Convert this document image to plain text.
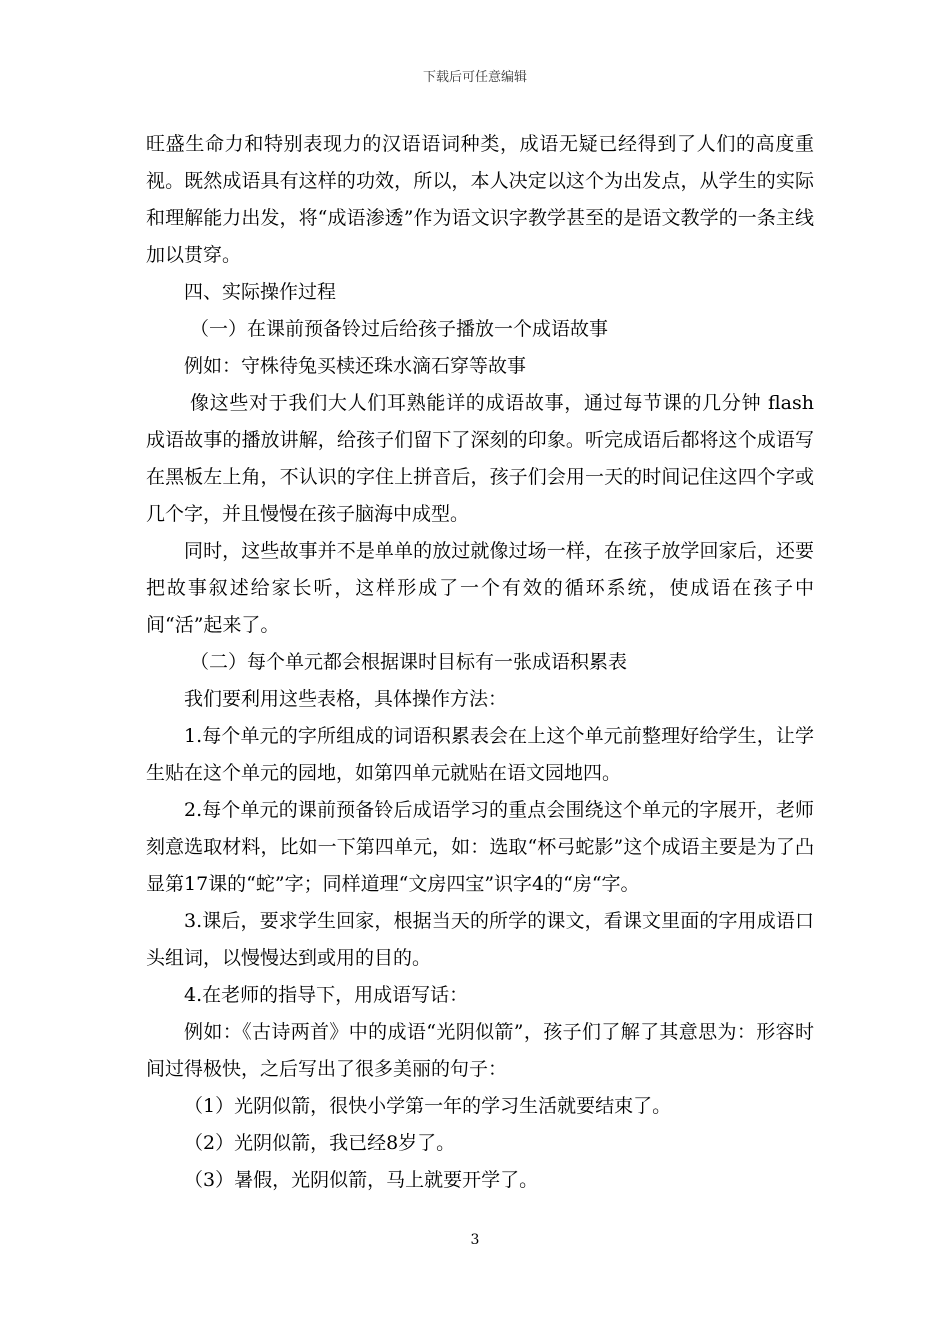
下载后可任意编辑

旺盛生命力和特别表现力的汉语语词种类，成语无疑已经得到了人们的高度重视。既然成语具有这样的功效，所以，本人决定以这个为出发点，从学生的实际和理解能力出发，将“成语渗透”作为语文识字教学甚至的是语文教学的一条主线加以贯穿。

四、实际操作过程

（一）在课前预备铃过后给孩子播放一个成语故事

例如：守株待兔买椟还珠水滴石穿等故事

像这些对于我们大人们耳熟能详的成语故事，通过每节课的几分钟 flash 成语故事的播放讲解，给孩子们留下了深刻的印象。听完成语后都将这个成语写在黑板左上角，不认识的字住上拼音后，孩子们会用一天的时间记住这四个字或几个字，并且慢慢在孩子脑海中成型。

同时，这些故事并不是单单的放过就像过场一样，在孩子放学回家后，还要把故事叙述给家长听，这样形成了一个有效的循环系统，使成语在孩子中间“活”起来了。

（二）每个单元都会根据课时目标有一张成语积累表

我们要利用这些表格，具体操作方法：

1.每个单元的字所组成的词语积累表会在上这个单元前整理好给学生，让学生贴在这个单元的园地，如第四单元就贴在语文园地四。

2.每个单元的课前预备铃后成语学习的重点会围绕这个单元的字展开，老师刻意选取材料，比如一下第四单元，如：选取“杯弓蛇影”这个成语主要是为了凸显第17课的“蛇”字；同样道理“文房四宝”识字4的“房“字。

3.课后，要求学生回家，根据当天的所学的课文，看课文里面的字用成语口头组词，以慢慢达到或用的目的。

4.在老师的指导下，用成语写话：

例如：《古诗两首》中的成语“光阴似箭”，孩子们了解了其意思为：形容时间过得极快，之后写出了很多美丽的句子：

（1）光阴似箭，很快小学第一年的学习生活就要结束了。

（2）光阴似箭，我已经8岁了。

（3）暑假，光阴似箭，马上就要开学了。

3
